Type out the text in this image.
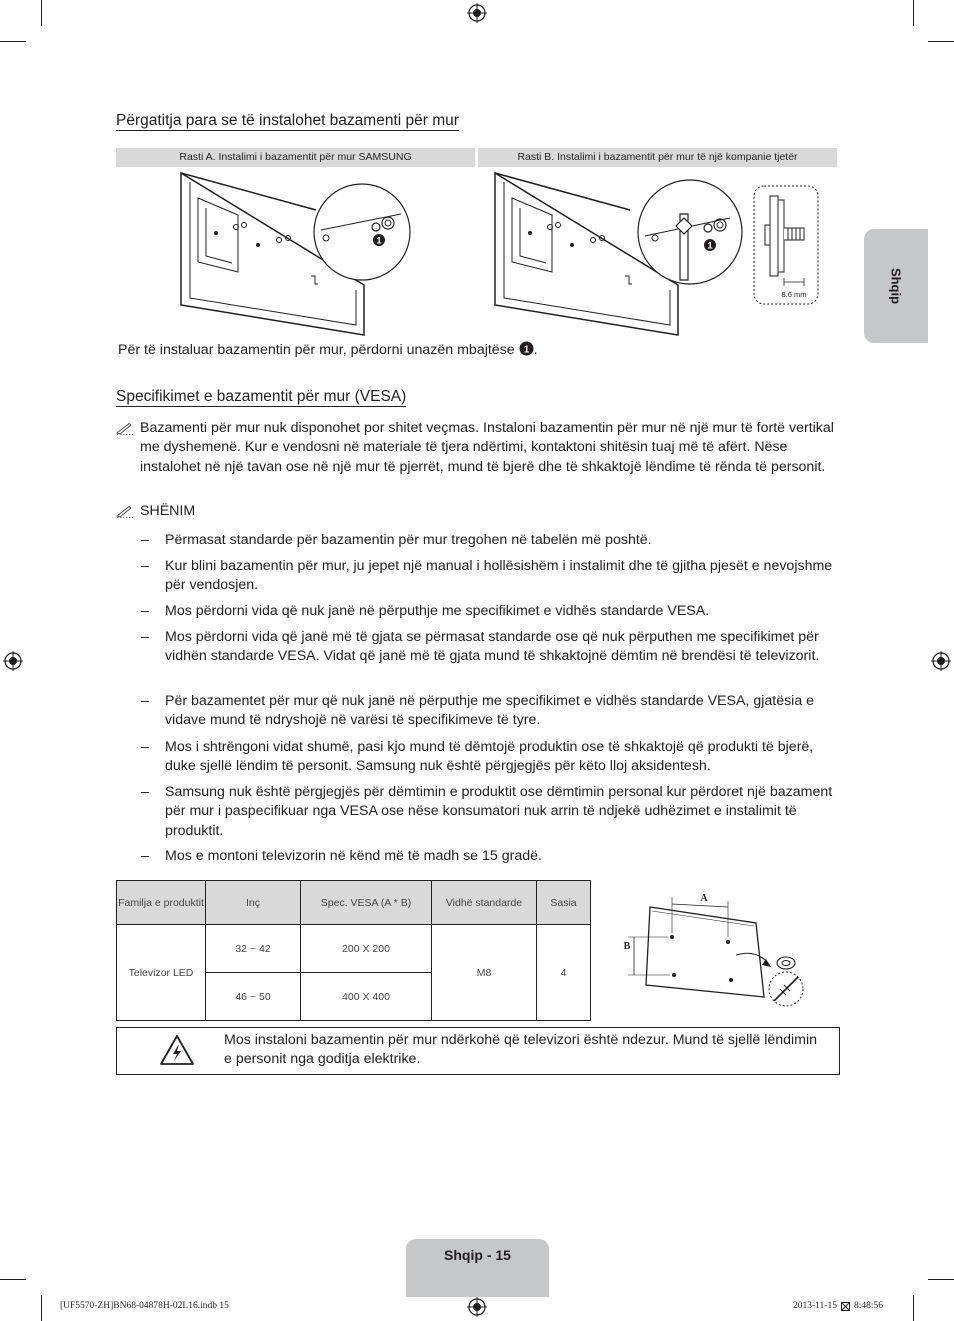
Shqip
Përgatitja para se të instalohet bazamenti për mur
Rasti A. Instalimi i bazamentit për mur SAMSUNG	Rasti B. Instalimi i bazamentit për mur të një kompanie tjetër
1	1
8.6 mm
Për të instaluar bazamentin për mur, përdorni unazën mbajtëse 1 .
Specifikimet e bazamentit për mur (VESA)
Bazamenti për mur nuk disponohet por shitet veçmas. Instaloni bazamentin për mur në një mur të fortë vertikal me dyshemenë. Kur e vendosni në materiale të tjera ndërtimi, kontaktoni shitësin tuaj më të afërt. Nëse instalohet në një tavan ose në një mur të pjerrët, mund të bjerë dhe të shkaktojë lëndime të rënda të personit.
SHËNIM
– Përmasat standarde për bazamentin për mur tregohen në tabelën më poshtë.
– Kur blini bazamentin për mur, ju jepet një manual i hollësishëm i instalimit dhe të gjitha pjesët e nevojshme për vendosjen.
– Mos përdorni vida që nuk janë në përputhje me specifikimet e vidhës standarde VESA.
– Mos përdorni vida që janë më të gjata se përmasat standarde ose që nuk përputhen me specifikimet për vidhën standarde VESA. Vidat që janë më të gjata mund të shkaktojnë dëmtim në brendësi të televizorit.
– Për bazamentet për mur që nuk janë në përputhje me specifikimet e vidhës standarde VESA, gjatësia e vidave mund të ndryshojë në varësi të specifikimeve të tyre.
– Mos i shtrëngoni vidat shumë, pasi kjo mund të dëmtojë produktin ose të shkaktojë që produkti të bjerë, duke sjellë lëndim të personit. Samsung nuk është përgjegjës për këto lloj aksidentesh.
– Samsung nuk është përgjegjës për dëmtimin e produktit ose dëmtimin personal kur përdoret një bazament për mur i paspecifikuar nga VESA ose nëse konsumatori nuk arrin të ndjekë udhëzimet e instalimit të produktit.
– Mos e montoni televizorin në kënd më të madh se 15 gradë.
Familja e produktit	Inç	Spec. VESA (A * B)	Vidhë standarde	Sasia
Televizor LED	32 ~ 42	200 X 200	M8	4
	46 ~ 50	400 X 400		
A
B
Mos instaloni bazamentin për mur ndërkohë që televizori është ndezur. Mund të sjellë lëndimin e personit nga goditja elektrike.
Shqip - 15
[UF5570-ZH]BN68-04878H-02L16.indb 15	2013-11-15 8:48:56
